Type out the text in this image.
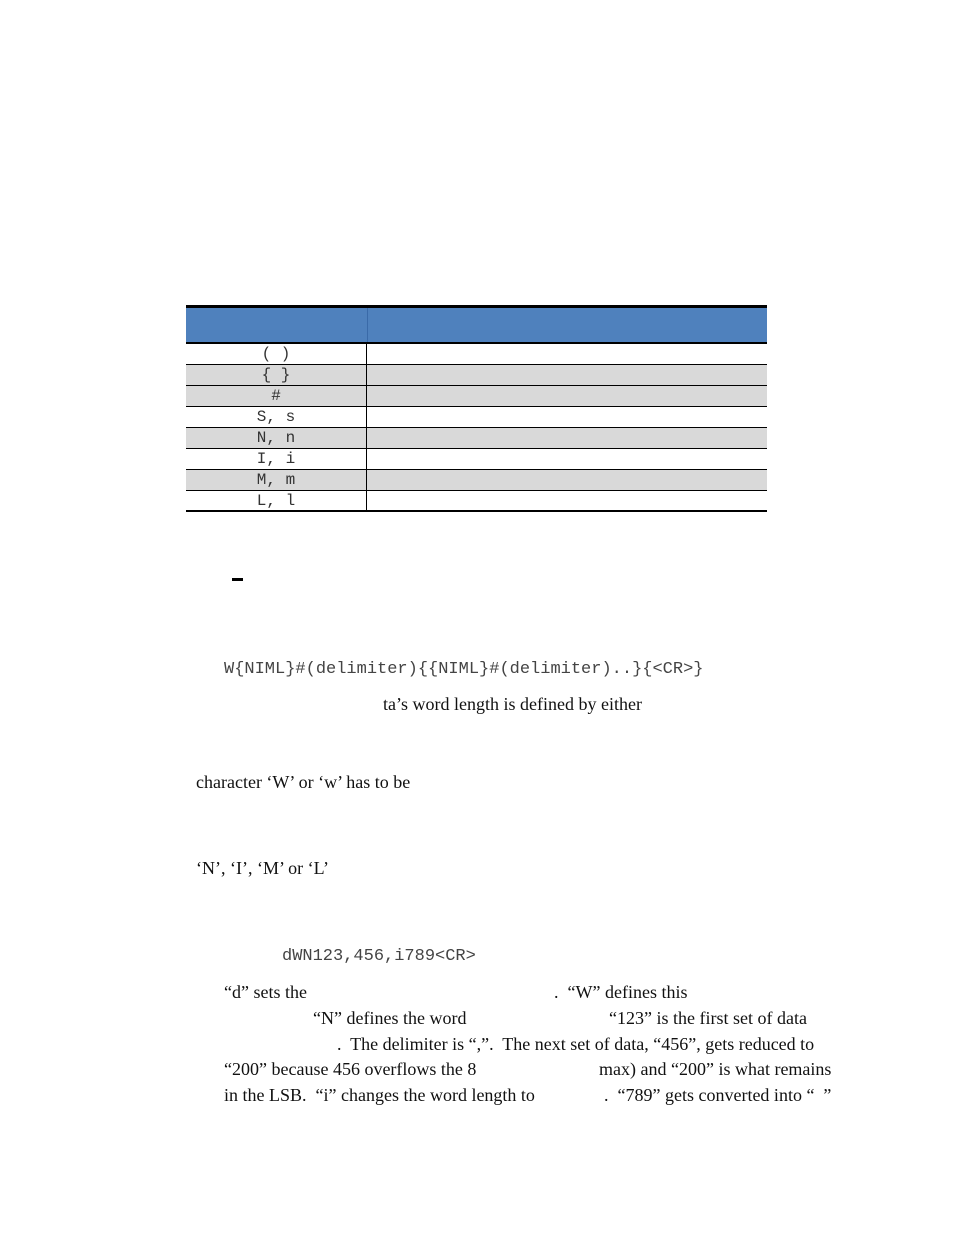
( )
{ }
#
S, s
N, n
I, i
M, m
L, l
W{NIML}#(delimiter){{NIML}#(delimiter)..}{<CR>}
ta’s word length is defined by either
character ‘W’ or ‘w’ has to be
‘N’, ‘I’, ‘M’ or ‘L’
dWN123,456,i789<CR>
“d” sets the	.  “W” defines this
“N” defines the word	“123” is the first set of data
.  The delimiter is “,”.  The next set of data, “456”, gets reduced to
“200” because 456 overflows the 8	max) and “200” is what remains
in the LSB.  “i” changes the word length to	.  “789” gets converted into “  ”
